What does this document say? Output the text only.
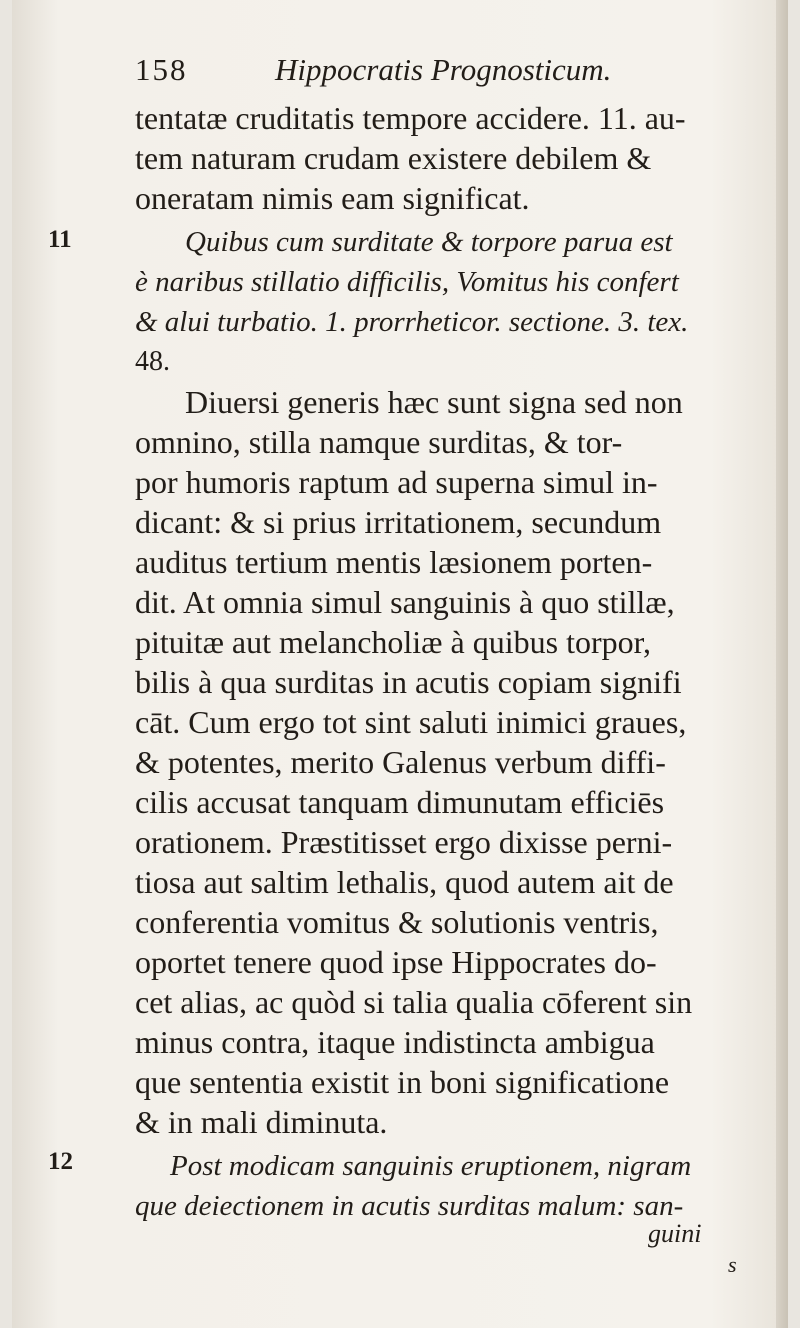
158	Hippocratis Prognosticum.
11
12
tentatæ cruditatis tempore accidere. 11. au-
tem naturam crudam existere debilem &
oneratam nimis eam significat.
Quibus cum surditate & torpore parua est
è naribus stillatio difficilis, Vomitus his confert
& alui turbatio. 1. prorrheticor. sectione. 3. tex.
48.
Diuersi generis hæc sunt signa sed non
omnino, stilla namque surditas, & tor-
por humoris raptum ad superna simul in-
dicant: & si prius irritationem, secundum
auditus tertium mentis læsionem porten-
dit. At omnia simul sanguinis à quo stillæ,
pituitæ aut melancholiæ à quibus torpor,
bilis à qua surditas in acutis copiam signifi
cāt. Cum ergo tot sint saluti inimici graues,
& potentes, merito Galenus verbum diffi-
cilis accusat tanquam dimunutam efficiēs
orationem. Præstitisset ergo dixisse perni-
tiosa aut saltim lethalis, quod autem ait de
conferentia vomitus & solutionis ventris,
oportet tenere quod ipse Hippocrates do-
cet alias, ac quòd si talia qualia cōferent sin
minus contra, itaque indistincta ambigua
que sententia existit in boni significatione
& in mali diminuta.
Post modicam sanguinis eruptionem, nigram
que deiectionem in acutis surditas malum: san-
guini
s
